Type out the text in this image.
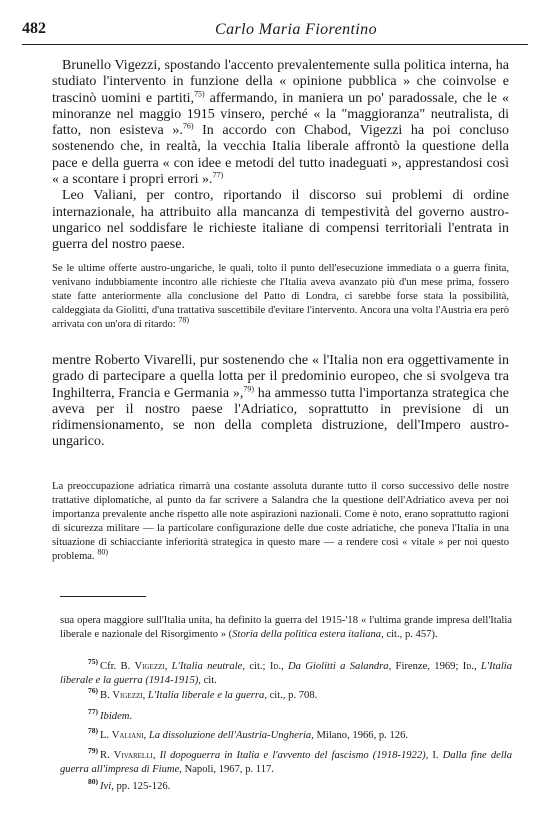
482	Carlo Maria Fiorentino

Brunello Vigezzi, spostando l'accento prevalentemente sulla politica interna, ha studiato l'intervento in funzione della « opinione pubblica » che coinvolse e trascinò uomini e partiti,$^{75)}$ affermando, in maniera un po' paradossale, che le « minoranze nel maggio 1915 vinsero, perché « la "maggioranza" neutralista, di fatto, non esisteva ».$^{76)}$ In accordo con Chabod, Vigezzi ha poi concluso sostenendo che, in realtà, la vecchia Italia liberale affrontò la questione della pace e della guerra « con idee e metodi del tutto inadeguati », apprestandosi così « a scontare i propri errori ».$^{77)}$

Leo Valiani, per contro, riportando il discorso sui problemi di ordine internazionale, ha attribuito alla mancanza di tempestività del governo austro-ungarico nel soddisfare le richieste italiane di compensi territoriali l'entrata in guerra del nostro paese.

Se le ultime offerte austro-ungariche, le quali, tolto il punto dell'esecuzione immediata o a guerra finita, venivano indubbiamente incontro alle richieste che l'Italia aveva avanzato più d'un mese prima, fossero state fatte anteriormente alla conclusione del Patto di Londra, ci sarebbe forse stata la possibilità, caldeggiata da Giolitti, d'una trattativa suscettibile d'evitare l'intervento. Ancora una volta l'Austria era però arrivata con un'ora di ritardo: $^{78)}$

mentre Roberto Vivarelli, pur sostenendo che « l'Italia non era oggettivamente in grado di partecipare a quella lotta per il predominio europeo, che si svolgeva tra Inghilterra, Francia e Germania »,$^{79)}$ ha ammesso tutta l'importanza strategica che aveva per il nostro paese l'Adriatico, soprattutto in previsione di un ridimensionamento, se non della completa distruzione, dell'Impero austro-ungarico.

La preoccupazione adriatica rimarrà una costante assoluta durante tutto il corso successivo delle nostre trattative diplomatiche, al punto da far scrivere a Salandra che la questione dell'Adriatico aveva per noi importanza prevalente anche rispetto alle note aspirazioni nazionali. Come è noto, erano soprattutto ragioni di sicurezza militare — la particolare configurazione delle due coste adriatiche, che poneva l'Italia in una situazione di schiacciante inferiorità strategica in questo mare — a rendere così « vitale » per noi questo problema. $^{80)}$

sua opera maggiore sull'Italia unita, ha definito la guerra del 1915-'18 « l'ultima grande impresa dell'Italia liberale e nazionale del Risorgimento » (Storia della politica estera italiana, cit., p. 457).

$^{75)}$ Cfr. B. Vigezzi, L'Italia neutrale, cit.; Id., Da Giolitti a Salandra, Firenze, 1969; Id., L'Italia liberale e la guerra (1914-1915), cit.

$^{76)}$ B. Vigezzi, L'Italia liberale e la guerra, cit., p. 708.

$^{77)}$ Ibidem.

$^{78)}$ L. Valiani, La dissoluzione dell'Austria-Ungheria, Milano, 1966, p. 126.

$^{79)}$ R. Vivarelli, Il dopoguerra in Italia e l'avvento del fascismo (1918-1922), I. Dalla fine della guerra all'impresa di Fiume, Napoli, 1967, p. 117.

$^{80)}$ Ivi, pp. 125-126.
